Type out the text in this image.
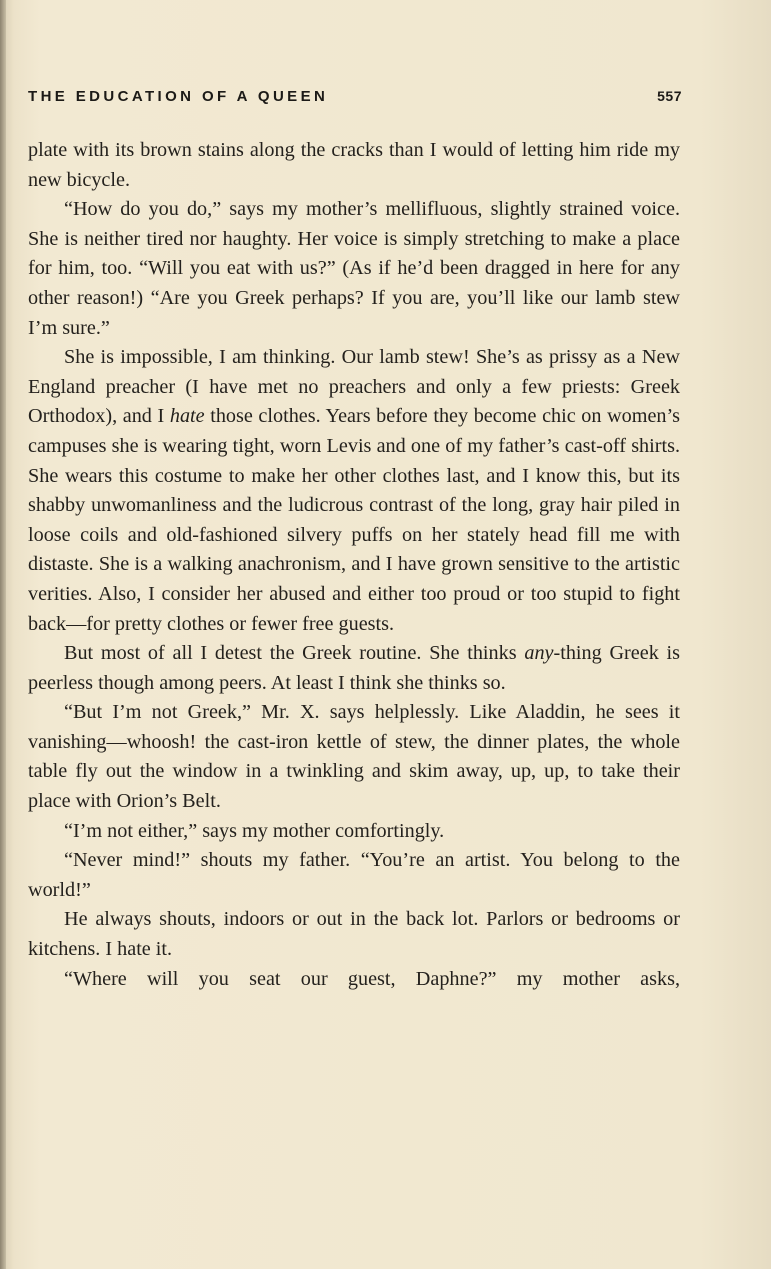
THE EDUCATION OF A QUEEN	557

plate with its brown stains along the cracks than I would of letting him ride my new bicycle.

“How do you do,” says my mother’s mellifluous, slightly strained voice. She is neither tired nor haughty. Her voice is simply stretching to make a place for him, too. “Will you eat with us?” (As if he’d been dragged in here for any other reason!) “Are you Greek perhaps? If you are, you’ll like our lamb stew I’m sure.”

She is impossible, I am thinking. Our lamb stew! She’s as prissy as a New England preacher (I have met no preachers and only a few priests: Greek Orthodox), and I hate those clothes. Years before they become chic on women’s campuses she is wearing tight, worn Levis and one of my father’s cast-off shirts. She wears this costume to make her other clothes last, and I know this, but its shabby unwomanliness and the ludicrous contrast of the long, gray hair piled in loose coils and old-fashioned silvery puffs on her stately head fill me with distaste. She is a walking anachronism, and I have grown sensitive to the artistic verities. Also, I consider her abused and either too proud or too stupid to fight back—for pretty clothes or fewer free guests.

But most of all I detest the Greek routine. She thinks any-thing Greek is peerless though among peers. At least I think she thinks so.

“But I’m not Greek,” Mr. X. says helplessly. Like Aladdin, he sees it vanishing—whoosh! the cast-iron kettle of stew, the dinner plates, the whole table fly out the window in a twinkling and skim away, up, up, to take their place with Orion’s Belt.

“I’m not either,” says my mother comfortingly.

“Never mind!” shouts my father. “You’re an artist. You belong to the world!”

He always shouts, indoors or out in the back lot. Parlors or bedrooms or kitchens. I hate it.

“Where will you seat our guest, Daphne?” my mother asks,
